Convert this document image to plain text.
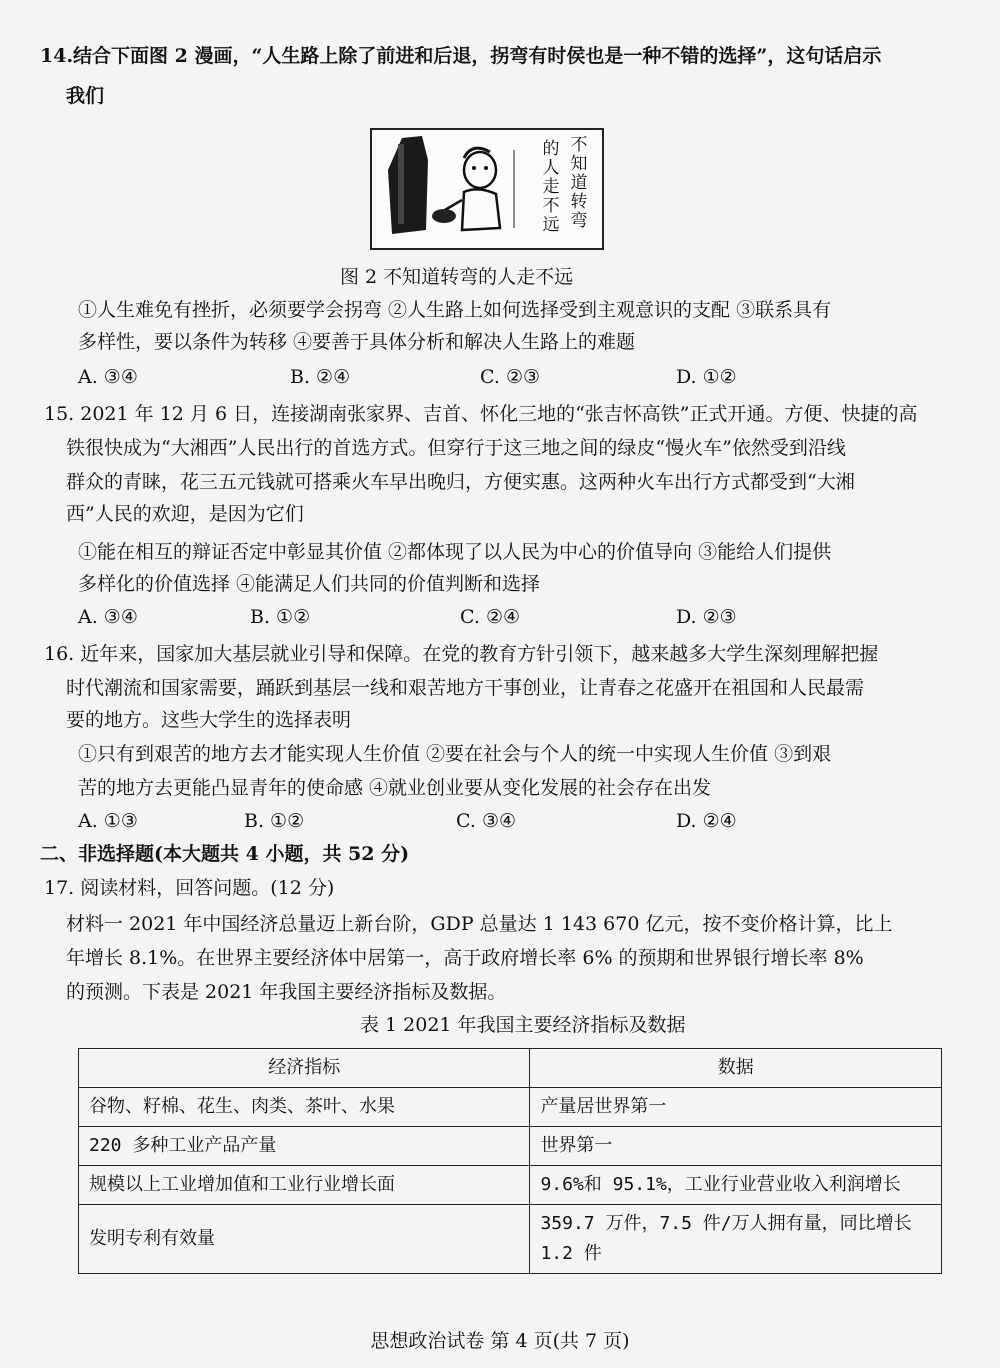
14.结合下面图 2 漫画，“人生路上除了前进和后退，拐弯有时侯也是一种不错的选择”，这句话启示
我们
不
知
道
转
弯
的
人
走
不
远
图 2 不知道转弯的人走不远
①人生难免有挫折，必须要学会拐弯 ②人生路上如何选择受到主观意识的支配 ③联系具有
多样性，要以条件为转移 ④要善于具体分析和解决人生路上的难题
A. ③④	B. ②④	C. ②③	D. ①②
15. 2021 年 12 月 6 日，连接湖南张家界、吉首、怀化三地的“张吉怀高铁”正式开通。方便、快捷的高
铁很快成为“大湘西”人民出行的首选方式。但穿行于这三地之间的绿皮“慢火车”依然受到沿线
群众的青睐，花三五元钱就可搭乘火车早出晚归，方便实惠。这两种火车出行方式都受到“大湘
西”人民的欢迎，是因为它们
①能在相互的辩证否定中彰显其价值 ②都体现了以人民为中心的价值导向 ③能给人们提供
多样化的价值选择 ④能满足人们共同的价值判断和选择
A. ③④	B. ①②	C. ②④	D. ②③
16. 近年来，国家加大基层就业引导和保障。在党的教育方针引领下，越来越多大学生深刻理解把握
时代潮流和国家需要，踊跃到基层一线和艰苦地方干事创业，让青春之花盛开在祖国和人民最需
要的地方。这些大学生的选择表明
①只有到艰苦的地方去才能实现人生价值 ②要在社会与个人的统一中实现人生价值 ③到艰
苦的地方去更能凸显青年的使命感 ④就业创业要从变化发展的社会存在出发
A. ①③	B. ①②	C. ③④	D. ②④
二、非选择题(本大题共 4 小题，共 52 分)
17. 阅读材料，回答问题。(12 分)
材料一 2021 年中国经济总量迈上新台阶，GDP 总量达 1 143 670 亿元，按不变价格计算，比上
年增长 8.1%。在世界主要经济体中居第一，高于政府增长率 6% 的预期和世界银行增长率 8%
的预测。下表是 2021 年我国主要经济指标及数据。
表 1 2021 年我国主要经济指标及数据
经济指标	数据
谷物、籽棉、花生、肉类、茶叶、水果	产量居世界第一
220 多种工业产品产量	世界第一
规模以上工业增加值和工业行业增长面	9.6%和 95.1%，工业行业营业收入利润增长
发明专利有效量	359.7 万件，7.5 件/万人拥有量，同比增长 1.2 件
思想政治试卷 第 4 页(共 7 页)
